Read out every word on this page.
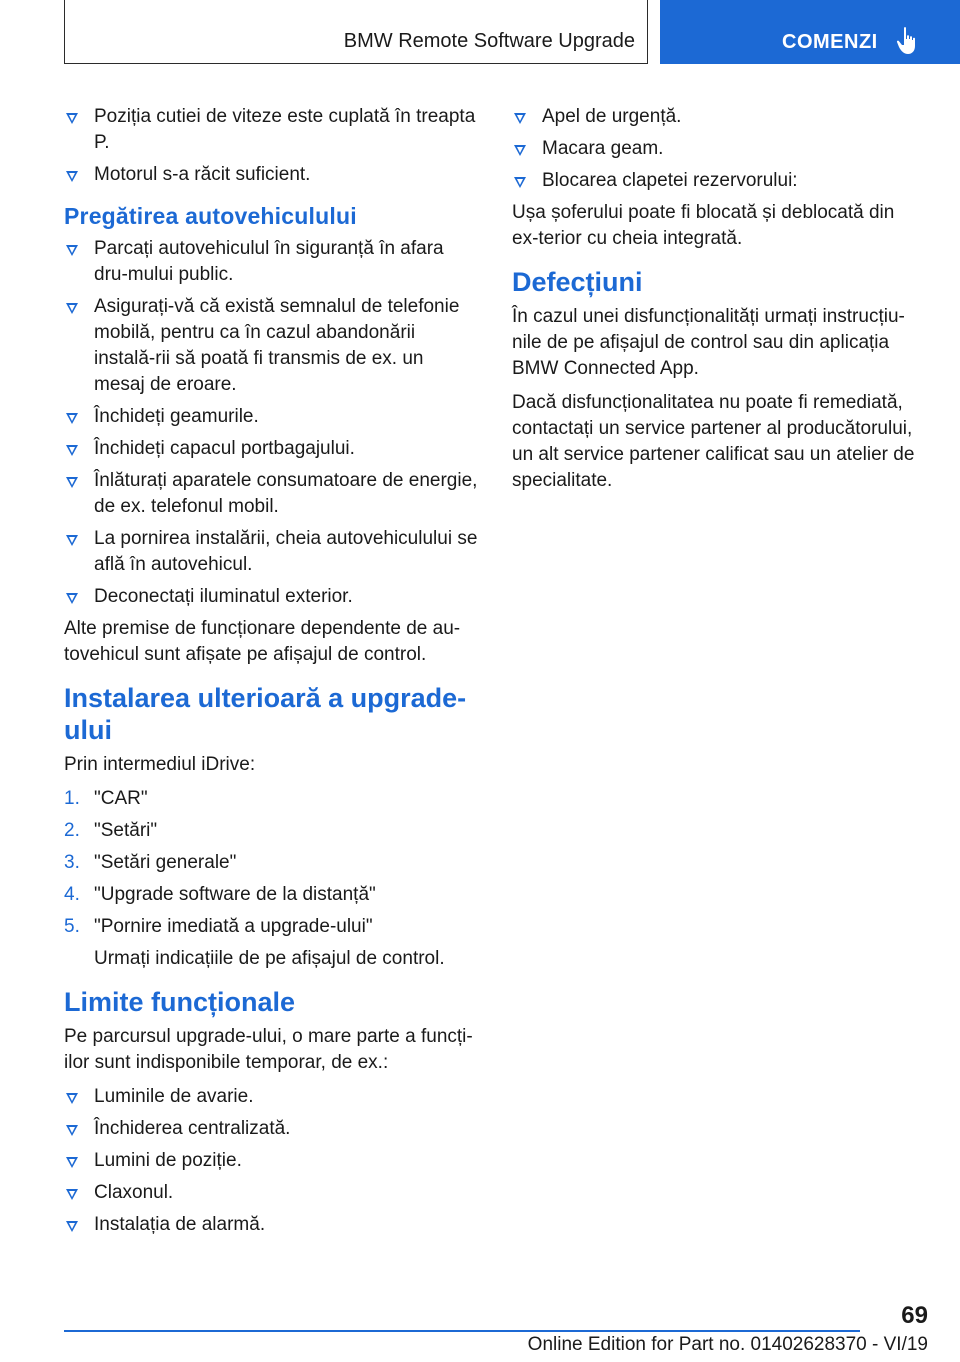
BMW Remote Software Upgrade	COMENZI
Poziția cutiei de viteze este cuplată în treapta P.
Motorul s-a răcit suficient.
Pregătirea autovehiculului
Parcați autovehiculul în siguranță în afara dru-mului public.
Asigurați-vă că există semnalul de telefonie mobilă, pentru ca în cazul abandonării instală-rii să poată fi transmis de ex. un mesaj de eroare.
Închideți geamurile.
Închideți capacul portbagajului.
Înlăturați aparatele consumatoare de energie, de ex. telefonul mobil.
La pornirea instalării, cheia autovehiculului se află în autovehicul.
Deconectați iluminatul exterior.

Alte premise de funcționare dependente de au-tovehicul sunt afișate pe afișajul de control.

Instalarea ulterioară a upgrade-ului

Prin intermediul iDrive:

1. "CAR"
2. "Setări"
3. "Setări generale"
4. "Upgrade software de la distanță"
5. "Pornire imediată a upgrade-ului"
Urmați indicațiile de pe afișajul de control.
Limite funcționale

Pe parcursul upgrade-ului, o mare parte a funcți-ilor sunt indisponibile temporar, de ex.:

Luminile de avarie.
Închiderea centralizată.
Lumini de poziție.
Claxonul.
Instalația de alarmă.
Apel de urgență.
Macara geam.
Blocarea clapetei rezervorului:

Ușa șoferului poate fi blocată și deblocată din ex-terior cu cheia integrată.

Defecțiuni

În cazul unei disfuncționalități urmați instrucțiu-nile de pe afișajul de control sau din aplicația BMW Connected App.

Dacă disfuncționalitatea nu poate fi remediată, contactați un service partener al producătorului, un alt service partener calificat sau un atelier de specialitate.

69
Online Edition for Part no. 01402628370 - VI/19
